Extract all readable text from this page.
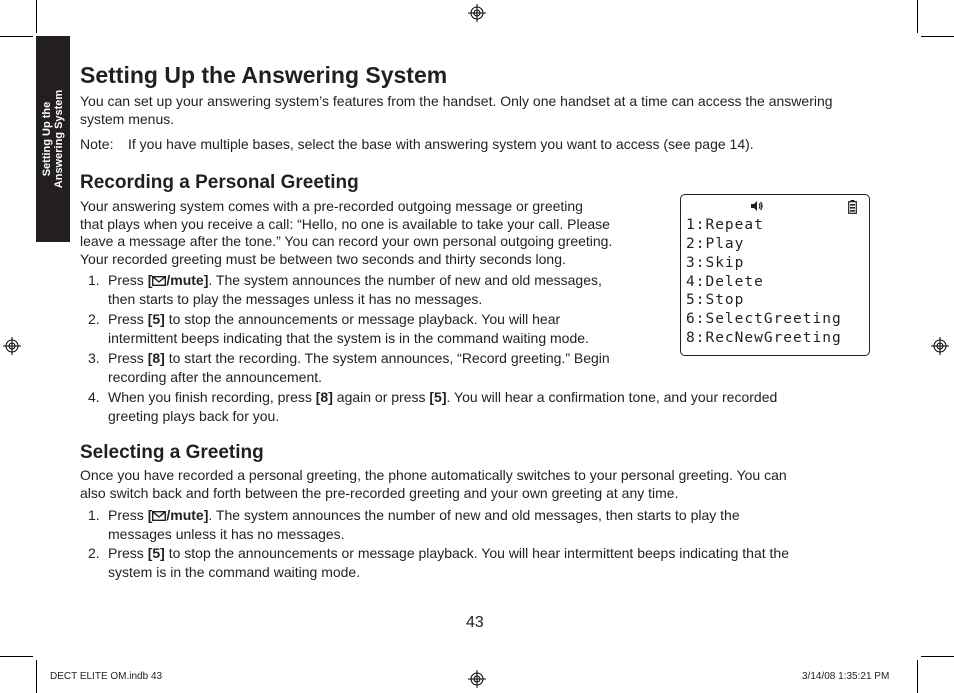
Setting Up the Answering System
Setting Up the Answering System

You can set up your answering system’s features from the handset. Only one handset at a time can access the answering system menus.

Note: If you have multiple bases, select the base with answering system you want to access (see page 14).
Recording a Personal Greeting
Your answering system comes with a pre-recorded outgoing message or greeting
that plays when you receive a call: “Hello, no one is available to take your call. Please
leave a message after the tone.” You can record your own personal outgoing greeting.
Your recorded greeting must be between two seconds and thirty seconds long.
1. Press [ /mute]. The system announces the number of new and old messages,
then starts to play the messages unless it has no messages.
2. Press [5] to stop the announcements or message playback. You will hear
intermittent beeps indicating that the system is in the command waiting mode.
3. Press [8] to start the recording. The system announces, “Record greeting.” Begin
recording after the announcement.
4. When you finish recording, press [8] again or press [5]. You will hear a confirmation tone, and your recorded
greeting plays back for you.
1:Repeat
2:Play
3:Skip
4:Delete
5:Stop
6:SelectGreeting
8:RecNewGreeting
Selecting a Greeting
Once you have recorded a personal greeting, the phone automatically switches to your personal greeting. You can
also switch back and forth between the pre-recorded greeting and your own greeting at any time.
1. Press [ /mute]. The system announces the number of new and old messages, then starts to play the
messages unless it has no messages.
2. Press [5] to stop the announcements or message playback. You will hear intermittent beeps indicating that the
system is in the command waiting mode.
43
DECT ELITE OM.indb 43	3/14/08 1:35:21 PM
